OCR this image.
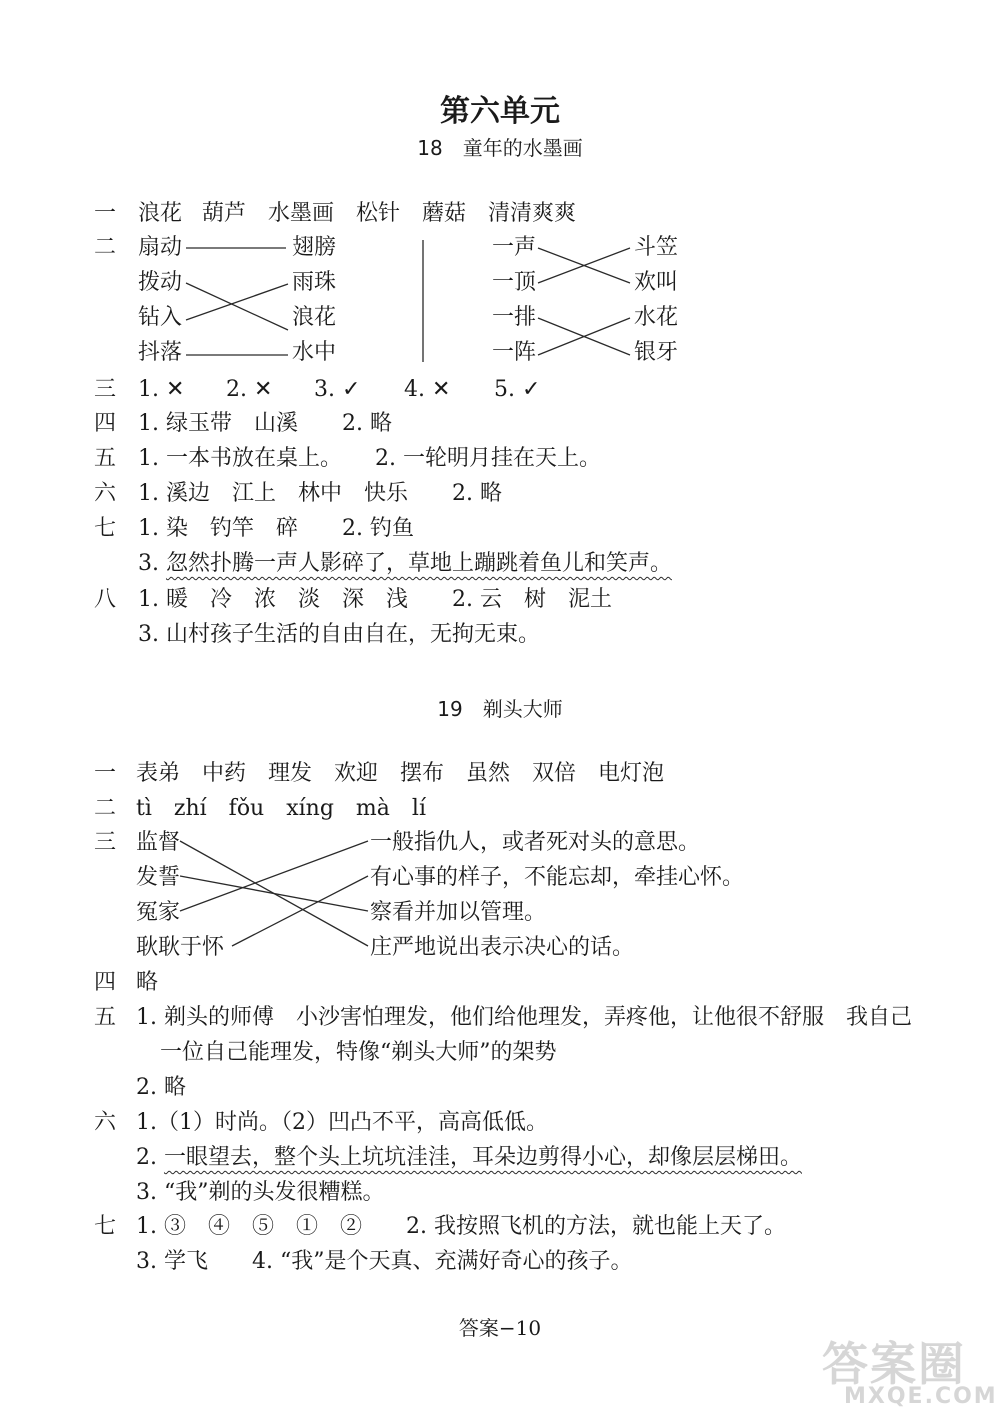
第六单元
18　童年的水墨画
一 浪花 葫芦 水墨画 松针 蘑菇 清清爽爽
二 扇动
拨动
钻入
抖落
翅膀
雨珠
浪花
水中
一声
一顶
一排
一阵
斗笠
欢叫
水花
银牙
三 1. ✕ 2. ✕ 3. ✓ 4. ✕ 5. ✓
四 1. 绿玉带　山溪　　2. 略
五 1. 一本书放在桌上。　　2. 一轮明月挂在天上。
六 1. 溪边　江上　林中　快乐　　2. 略
七 1. 染　钓竿　碎　　2. 钓鱼
3. 忽然扑腾一声人影碎了，草地上蹦跳着鱼儿和笑声。
八 1. 暖　冷　浓　淡　深　浅　　2. 云　树　泥土
3. 山村孩子生活的自由自在，无拘无束。
19　剃头大师
一 表弟 中药 理发 欢迎 摆布 虽然 双倍 电灯泡
二 tì　zhí　fǒu　xíng　mà　lí
三 监督
发誓
冤家
耿耿于怀
一般指仇人，或者死对头的意思。
有心事的样子，不能忘却，牵挂心怀。
察看并加以管理。
庄严地说出表示决心的话。
四 略
五 1. 剃头的师傅　小沙害怕理发，他们给他理发，弄疼他，让他很不舒服　我自己
一位自己能理发，特像“剃头大师”的架势
2. 略
六 1.（1）时尚。（2）凹凸不平，高高低低。
2. 一眼望去，整个头上坑坑洼洼，耳朵边剪得小心，却像层层梯田。
3. “我”剃的头发很糟糕。
七 1. ③　④　⑤　①　②　　2. 我按照飞机的方法，就也能上天了。
3. 学飞　　4. “我”是个天真、充满好奇心的孩子。
答案−10
答案圈
MXQE.COM
